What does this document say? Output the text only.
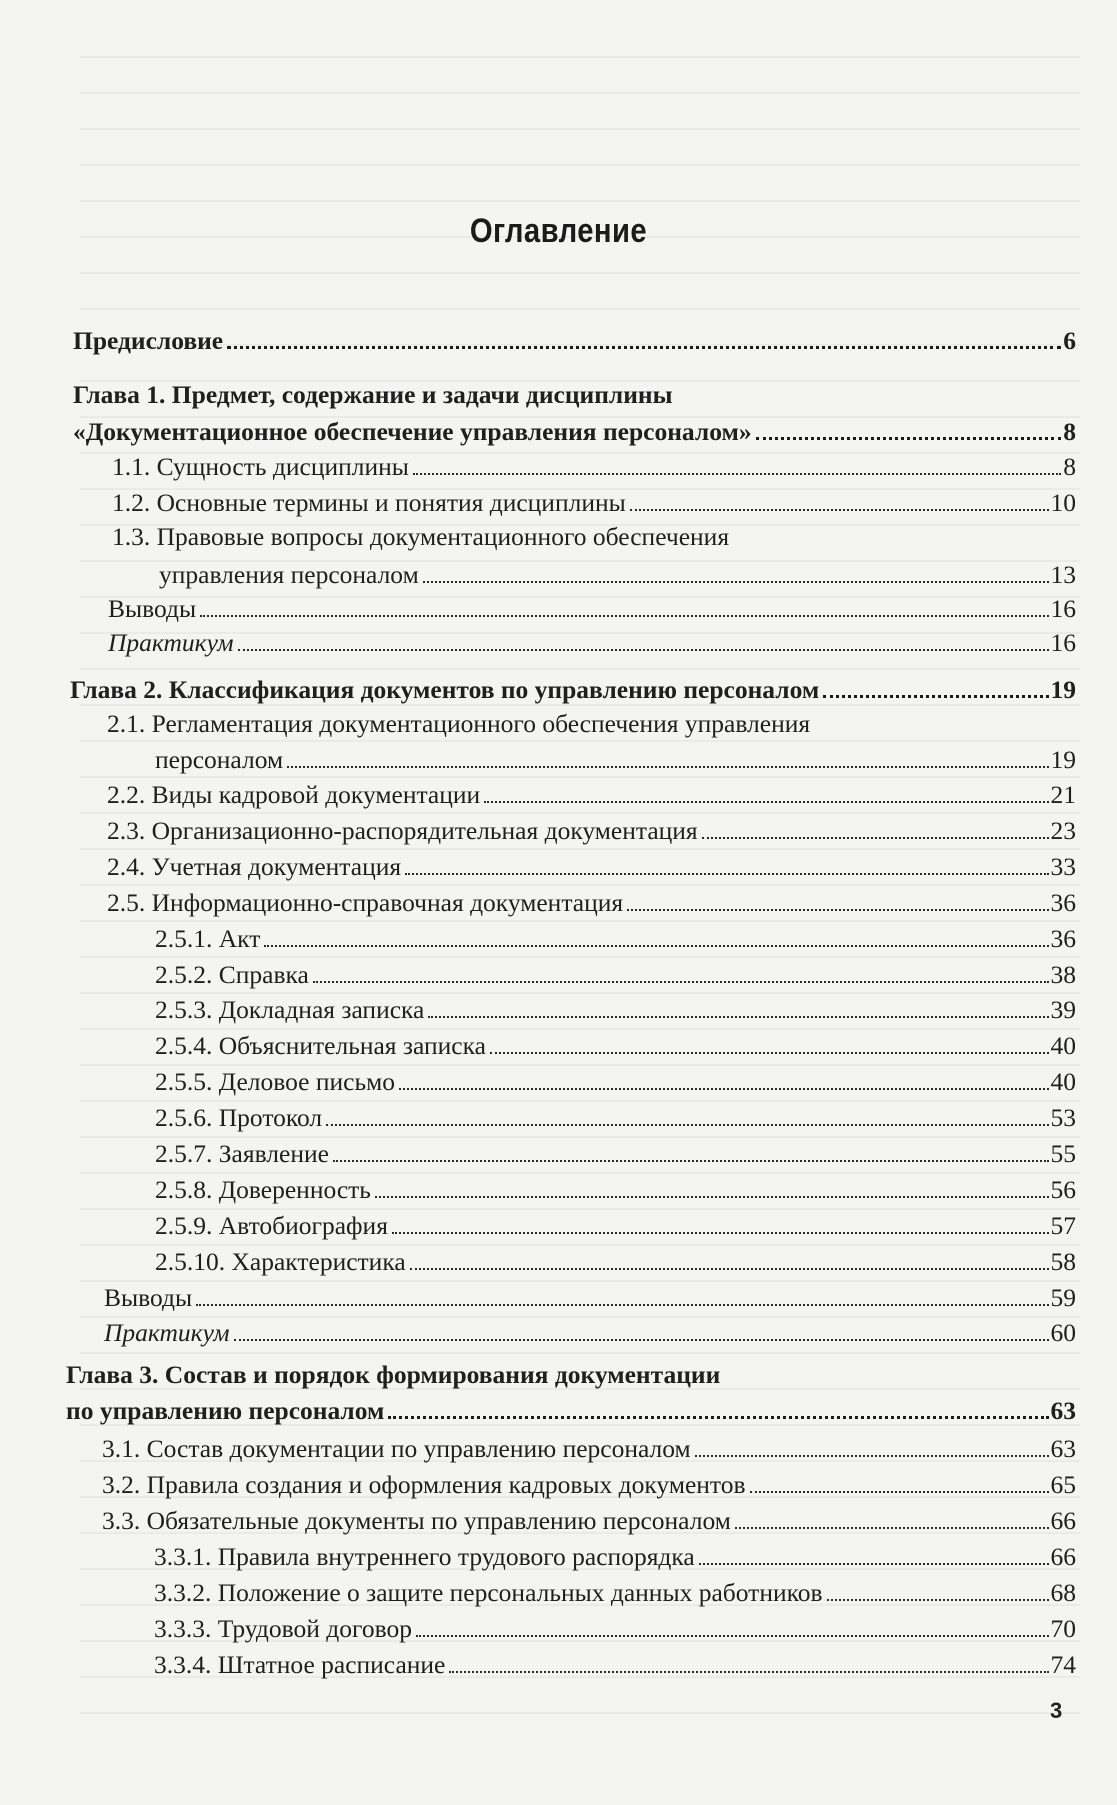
Оглавление
Предисловие	6
Глава 1. Предмет, содержание и задачи дисциплины
«Документационное обеспечение управления персоналом»	8
1.1. Сущность дисциплины	8
1.2. Основные термины и понятия дисциплины	10
1.3. Правовые вопросы документационного обеспечения
управления персоналом	13
Выводы	16
Практикум	16
Глава 2. Классификация документов по управлению персоналом	19
2.1. Регламентация документационного обеспечения управления
персоналом	19
2.2. Виды кадровой документации	21
2.3. Организационно-распорядительная документация	23
2.4. Учетная документация	33
2.5. Информационно-справочная документация	36
2.5.1. Акт	36
2.5.2. Справка	38
2.5.3. Докладная записка	39
2.5.4. Объяснительная записка	40
2.5.5. Деловое письмо	40
2.5.6. Протокол	53
2.5.7. Заявление	55
2.5.8. Доверенность	56
2.5.9. Автобиография	57
2.5.10. Характеристика	58
Выводы	59
Практикум	60
Глава 3. Состав и порядок формирования документации
по управлению персоналом	63
3.1. Состав документации по управлению персоналом	63
3.2. Правила создания и оформления кадровых документов	65
3.3. Обязательные документы по управлению персоналом	66
3.3.1. Правила внутреннего трудового распорядка	66
3.3.2. Положение о защите персональных данных работников	68
3.3.3. Трудовой договор	70
3.3.4. Штатное расписание	74
3
